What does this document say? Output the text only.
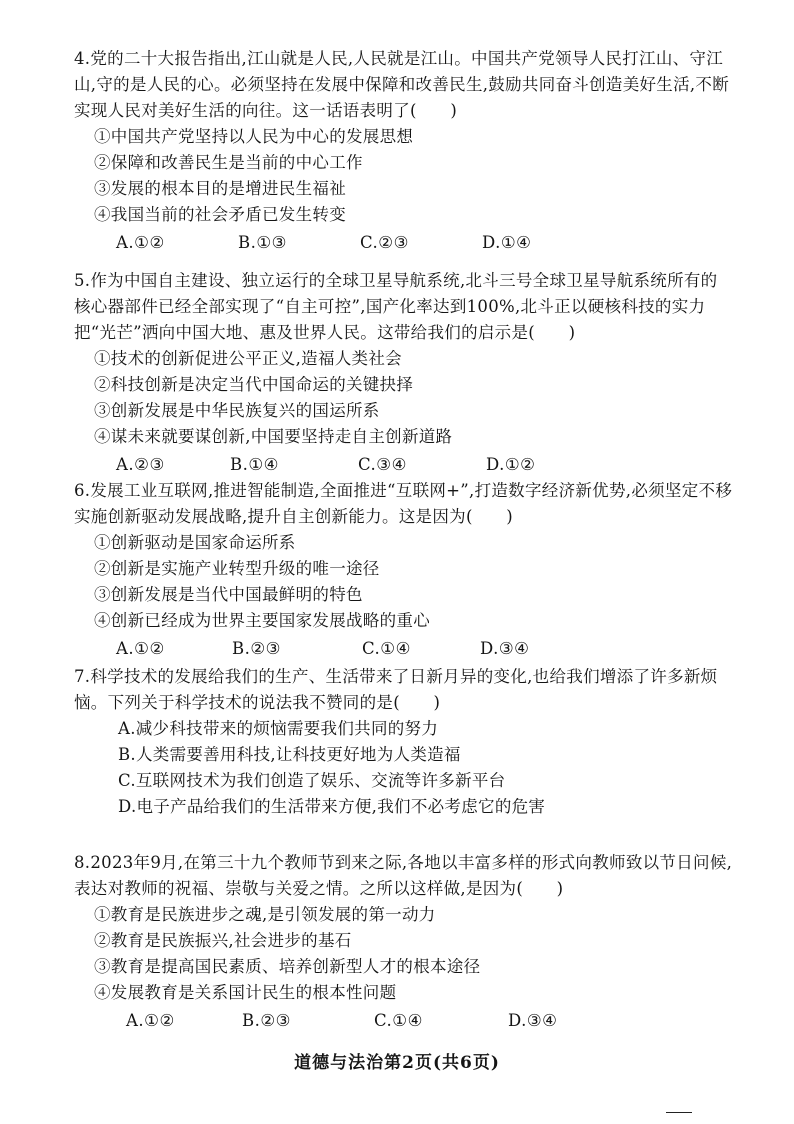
4.党的二十大报告指出,江山就是人民,人民就是江山。中国共产党领导人民打江山、守江山,守的是人民的心。必须坚持在发展中保障和改善民生,鼓励共同奋斗创造美好生活,不断实现人民对美好生活的向往。这一话语表明了(　　)

①中国共产党坚持以人民为中心的发展思想

②保障和改善民生是当前的中心工作

③发展的根本目的是增进民生福祉

④我国当前的社会矛盾已发生转变

A.①②	B.①③	C.②③	D.①④

5.作为中国自主建设、独立运行的全球卫星导航系统,北斗三号全球卫星导航系统所有的核心器部件已经全部实现了“自主可控”,国产化率达到100%,北斗正以硬核科技的实力把“光芒”洒向中国大地、惠及世界人民。这带给我们的启示是(　　)

①技术的创新促进公平正义,造福人类社会

②科技创新是决定当代中国命运的关键抉择

③创新发展是中华民族复兴的国运所系

④谋未来就要谋创新,中国要坚持走自主创新道路

A.②③	B.①④	C.③④	D.①②

6.发展工业互联网,推进智能制造,全面推进“互联网+”,打造数字经济新优势,必须坚定不移实施创新驱动发展战略,提升自主创新能力。这是因为(　　)

①创新驱动是国家命运所系

②创新是实施产业转型升级的唯一途径

③创新发展是当代中国最鲜明的特色

④创新已经成为世界主要国家发展战略的重心

A.①②	B.②③	C.①④	D.③④

7.科学技术的发展给我们的生产、生活带来了日新月异的变化,也给我们增添了许多新烦恼。下列关于科学技术的说法我不赞同的是(　　)

A.减少科技带来的烦恼需要我们共同的努力

B.人类需要善用科技,让科技更好地为人类造福

C.互联网技术为我们创造了娱乐、交流等许多新平台

D.电子产品给我们的生活带来方便,我们不必考虑它的危害

8.2023年9月,在第三十九个教师节到来之际,各地以丰富多样的形式向教师致以节日问候,表达对教师的祝福、崇敬与关爱之情。之所以这样做,是因为(　　)

①教育是民族进步之魂,是引领发展的第一动力

②教育是民族振兴,社会进步的基石

③教育是提高国民素质、培养创新型人才的根本途径

④发展教育是关系国计民生的根本性问题

A.①②	B.②③	C.①④	D.③④
道德与法治第2页(共6页)
